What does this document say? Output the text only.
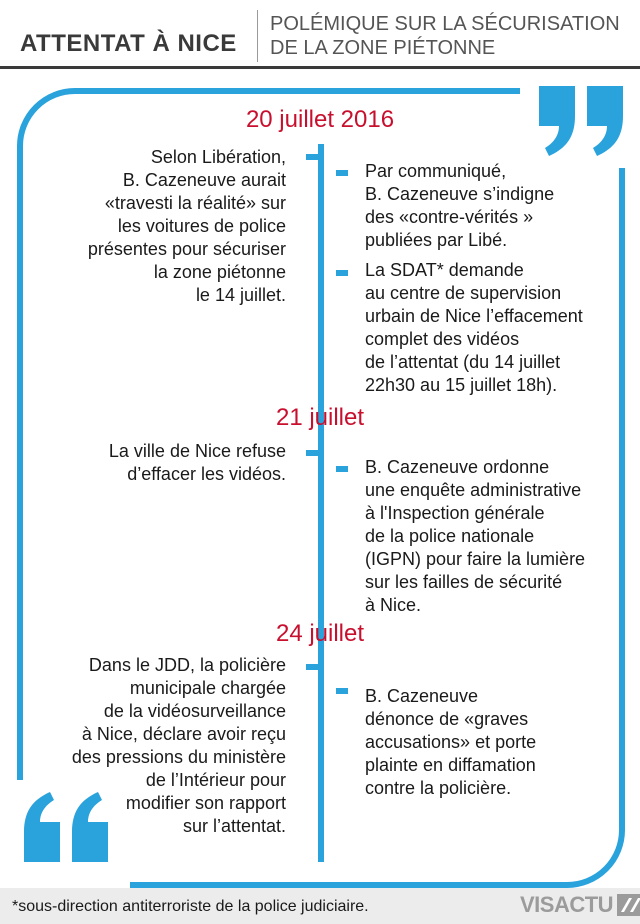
ATTENTAT À NICE
POLÉMIQUE SUR LA SÉCURISATION
DE LA ZONE PIÉTONNE
20 juillet 2016
Selon Libération,
B. Cazeneuve aurait
«travesti la réalité» sur
les voitures de police
présentes pour sécuriser
la zone piétonne
le 14 juillet.
Par communiqué,
B. Cazeneuve s’indigne
des «contre-vérités »
publiées par Libé.
La SDAT* demande
au centre de supervision
urbain de Nice l’effacement
complet des vidéos
de l’attentat (du 14 juillet
22h30 au 15 juillet 18h).
21 juillet
La ville de Nice refuse
d’effacer les vidéos.	B. Cazeneuve ordonne
une enquête administrative
à l'Inspection générale
de la police nationale
(IGPN) pour faire la lumière
sur les failles de sécurité
à Nice.
24 juillet
Dans le JDD, la policière
municipale chargée
de la vidéosurveillance
à Nice, déclare avoir reçu
des pressions du ministère
de l’Intérieur pour
modifier son rapport
sur l’attentat.
B. Cazeneuve
dénonce de «graves
accusations» et porte
plainte en diffamation
contre la policière.
*sous-direction antiterroriste de la police judiciaire.	VISACTU
